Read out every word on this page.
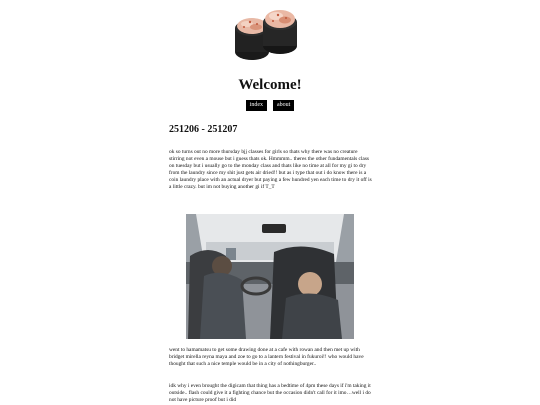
Welcome!
index about
251206 - 251207

ok so turns out no more thursday bjj classes for girls so thats why there was no creature stirring not even a mouse but i guess thats ok. Hmmmm.. theres the other fundamentals class on tuesday but i usually go to the monday class and thats like no time at all for my gi to dry from the laundry since my shit just gets air dried!! but as i type that out i do know there is a coin laundry place with an actual dryer but paying a few hundred yen each time to dry it off is a little crazy. but im not buying another gi if T_T

went to hamamatsu to get some drawing done at a cafe with rowan and then met up with bridget mirella reyna maya and zoe to go to a lantern festival in fukuroi!! who would have thought that such a nice temple would be in a city of nothingburger..

idk why i even brought the digicam that thing has a bedtime of 4pm these days if i'm taking it outside.. flash could give it a fighting chance but the occasion didn't call for it imo…well i do not have picture proof but i did
